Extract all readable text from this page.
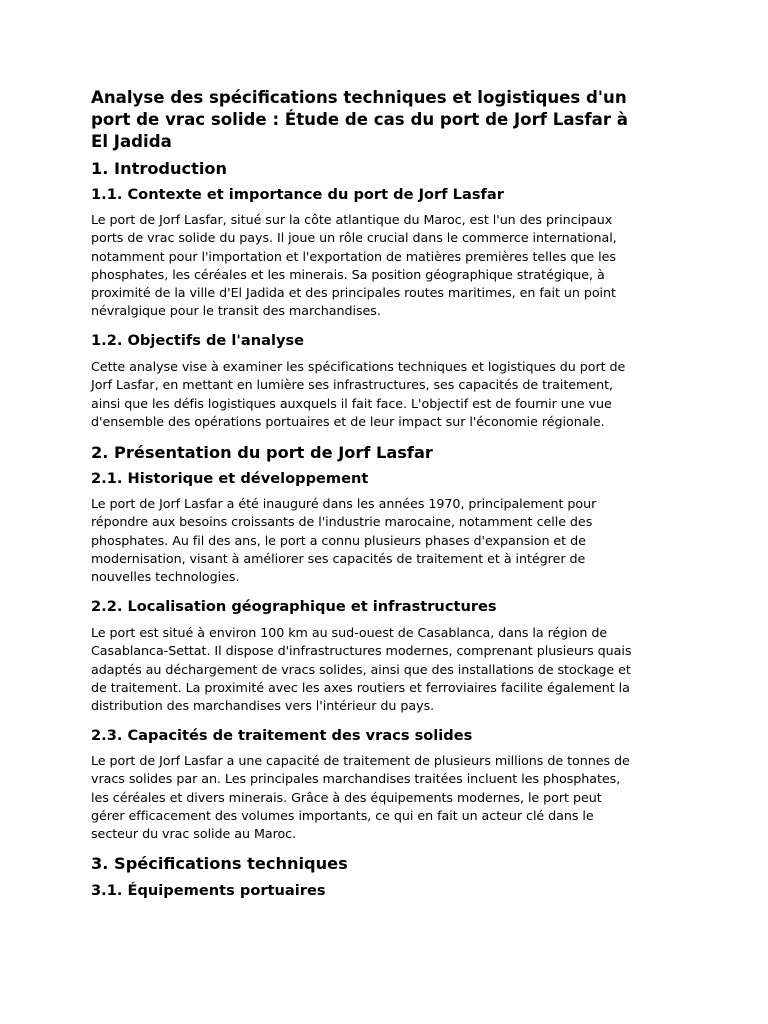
Analyse des spécifications techniques et logistiques d'un
port de vrac solide : Étude de cas du port de Jorf Lasfar à
El Jadida
1. Introduction
1.1. Contexte et importance du port de Jorf Lasfar

Le port de Jorf Lasfar, situé sur la côte atlantique du Maroc, est l'un des principaux
ports de vrac solide du pays. Il joue un rôle crucial dans le commerce international,
notamment pour l'importation et l'exportation de matières premières telles que les
phosphates, les céréales et les minerais. Sa position géographique stratégique, à
proximité de la ville d'El Jadida et des principales routes maritimes, en fait un point
névralgique pour le transit des marchandises.

1.2. Objectifs de l'analyse

Cette analyse vise à examiner les spécifications techniques et logistiques du port de
Jorf Lasfar, en mettant en lumière ses infrastructures, ses capacités de traitement,
ainsi que les défis logistiques auxquels il fait face. L'objectif est de fournir une vue
d'ensemble des opérations portuaires et de leur impact sur l'économie régionale.

2. Présentation du port de Jorf Lasfar
2.1. Historique et développement

Le port de Jorf Lasfar a été inauguré dans les années 1970, principalement pour
répondre aux besoins croissants de l'industrie marocaine, notamment celle des
phosphates. Au fil des ans, le port a connu plusieurs phases d'expansion et de
modernisation, visant à améliorer ses capacités de traitement et à intégrer de
nouvelles technologies.

2.2. Localisation géographique et infrastructures

Le port est situé à environ 100 km au sud-ouest de Casablanca, dans la région de
Casablanca-Settat. Il dispose d'infrastructures modernes, comprenant plusieurs quais
adaptés au déchargement de vracs solides, ainsi que des installations de stockage et
de traitement. La proximité avec les axes routiers et ferroviaires facilite également la
distribution des marchandises vers l'intérieur du pays.

2.3. Capacités de traitement des vracs solides

Le port de Jorf Lasfar a une capacité de traitement de plusieurs millions de tonnes de
vracs solides par an. Les principales marchandises traitées incluent les phosphates,
les céréales et divers minerais. Grâce à des équipements modernes, le port peut
gérer efficacement des volumes importants, ce qui en fait un acteur clé dans le
secteur du vrac solide au Maroc.

3. Spécifications techniques
3.1. Équipements portuaires
